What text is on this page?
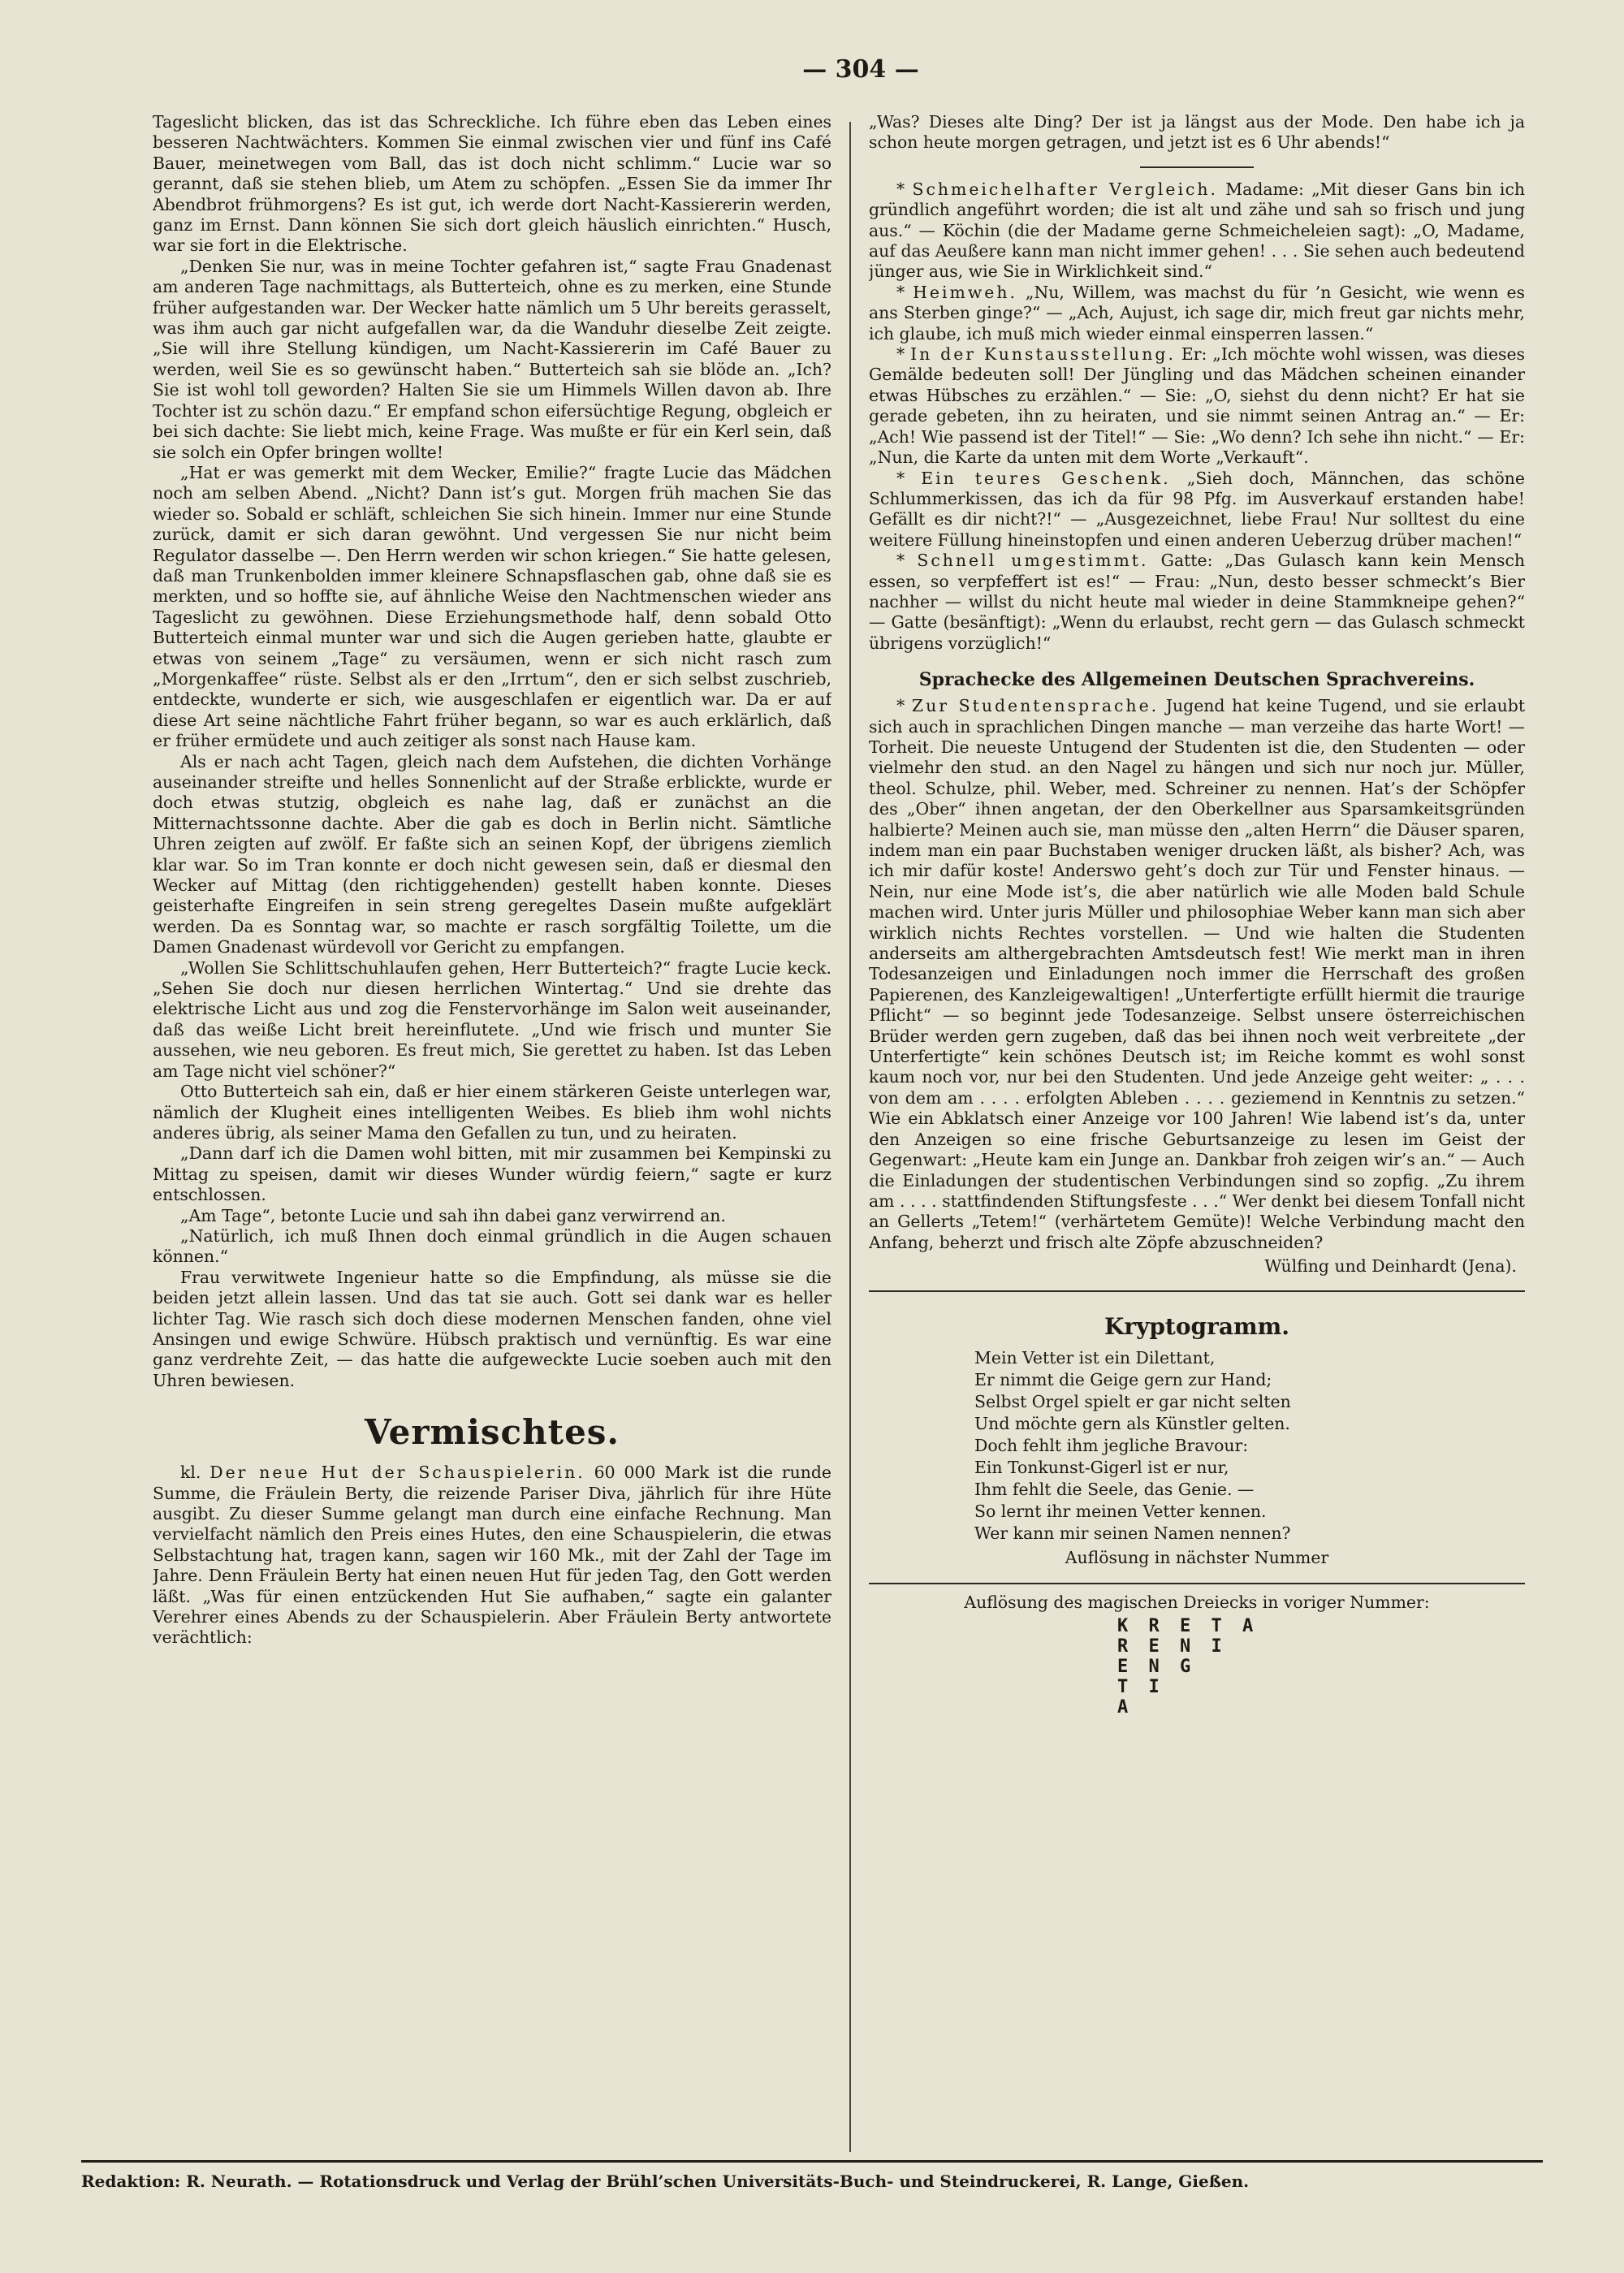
— 304 —

Tageslicht blicken, das ist das Schreckliche. Ich führe eben das Leben eines besseren Nachtwächters. Kommen Sie einmal zwischen vier und fünf ins Café Bauer, meinetwegen vom Ball, das ist doch nicht schlimm.“ Lucie war so gerannt, daß sie stehen blieb, um Atem zu schöpfen. „Essen Sie da immer Ihr Abendbrot frühmorgens? Es ist gut, ich werde dort Nacht-Kassiererin werden, ganz im Ernst. Dann können Sie sich dort gleich häuslich einrichten.“ Husch, war sie fort in die Elektrische.

„Denken Sie nur, was in meine Tochter gefahren ist,“ sagte Frau Gnadenast am anderen Tage nachmittags, als Butterteich, ohne es zu merken, eine Stunde früher aufgestanden war. Der Wecker hatte nämlich um 5 Uhr bereits gerasselt, was ihm auch gar nicht aufgefallen war, da die Wanduhr dieselbe Zeit zeigte. „Sie will ihre Stellung kündigen, um Nacht-Kassiererin im Café Bauer zu werden, weil Sie es so gewünscht haben.“ Butterteich sah sie blöde an. „Ich? Sie ist wohl toll geworden? Halten Sie sie um Himmels Willen davon ab. Ihre Tochter ist zu schön dazu.“ Er empfand schon eifersüchtige Regung, obgleich er bei sich dachte: Sie liebt mich, keine Frage. Was mußte er für ein Kerl sein, daß sie solch ein Opfer bringen wollte!

„Hat er was gemerkt mit dem Wecker, Emilie?“ fragte Lucie das Mädchen noch am selben Abend. „Nicht? Dann ist’s gut. Morgen früh machen Sie das wieder so. Sobald er schläft, schleichen Sie sich hinein. Immer nur eine Stunde zurück, damit er sich daran gewöhnt. Und vergessen Sie nur nicht beim Regulator dasselbe —. Den Herrn werden wir schon kriegen.“ Sie hatte gelesen, daß man Trunkenbolden immer kleinere Schnapsflaschen gab, ohne daß sie es merkten, und so hoffte sie, auf ähnliche Weise den Nachtmenschen wieder ans Tageslicht zu gewöhnen. Diese Erziehungsmethode half, denn sobald Otto Butterteich einmal munter war und sich die Augen gerieben hatte, glaubte er etwas von seinem „Tage“ zu versäumen, wenn er sich nicht rasch zum „Morgenkaffee“ rüste. Selbst als er den „Irrtum“, den er sich selbst zuschrieb, entdeckte, wunderte er sich, wie ausgeschlafen er eigentlich war. Da er auf diese Art seine nächtliche Fahrt früher begann, so war es auch erklärlich, daß er früher ermüdete und auch zeitiger als sonst nach Hause kam.

Als er nach acht Tagen, gleich nach dem Aufstehen, die dichten Vorhänge auseinander streifte und helles Sonnenlicht auf der Straße erblickte, wurde er doch etwas stutzig, obgleich es nahe lag, daß er zunächst an die Mitternachtssonne dachte. Aber die gab es doch in Berlin nicht. Sämtliche Uhren zeigten auf zwölf. Er faßte sich an seinen Kopf, der übrigens ziemlich klar war. So im Tran konnte er doch nicht gewesen sein, daß er diesmal den Wecker auf Mittag (den richtiggehenden) gestellt haben konnte. Dieses geisterhafte Eingreifen in sein streng geregeltes Dasein mußte aufgeklärt werden. Da es Sonntag war, so machte er rasch sorgfältig Toilette, um die Damen Gnadenast würdevoll vor Gericht zu empfangen.

„Wollen Sie Schlittschuhlaufen gehen, Herr Butterteich?“ fragte Lucie keck. „Sehen Sie doch nur diesen herrlichen Wintertag.“ Und sie drehte das elektrische Licht aus und zog die Fenstervorhänge im Salon weit auseinander, daß das weiße Licht breit hereinflutete. „Und wie frisch und munter Sie aussehen, wie neu geboren. Es freut mich, Sie gerettet zu haben. Ist das Leben am Tage nicht viel schöner?“

Otto Butterteich sah ein, daß er hier einem stärkeren Geiste unterlegen war, nämlich der Klugheit eines intelligenten Weibes. Es blieb ihm wohl nichts anderes übrig, als seiner Mama den Gefallen zu tun, und zu heiraten.

„Dann darf ich die Damen wohl bitten, mit mir zusammen bei Kempinski zu Mittag zu speisen, damit wir dieses Wunder würdig feiern,“ sagte er kurz entschlossen.

„Am Tage“, betonte Lucie und sah ihn dabei ganz verwirrend an.

„Natürlich, ich muß Ihnen doch einmal gründlich in die Augen schauen können.“

Frau verwitwete Ingenieur hatte so die Empfindung, als müsse sie die beiden jetzt allein lassen. Und das tat sie auch. Gott sei dank war es heller lichter Tag. Wie rasch sich doch diese modernen Menschen fanden, ohne viel Ansingen und ewige Schwüre. Hübsch praktisch und vernünftig. Es war eine ganz verdrehte Zeit, — das hatte die aufgeweckte Lucie soeben auch mit den Uhren bewiesen.

Vermischtes.

kl. Der neue Hut der Schauspielerin. 60 000 Mark ist die runde Summe, die Fräulein Berty, die reizende Pariser Diva, jährlich für ihre Hüte ausgibt. Zu dieser Summe gelangt man durch eine einfache Rechnung. Man vervielfacht nämlich den Preis eines Hutes, den eine Schauspielerin, die etwas Selbstachtung hat, tragen kann, sagen wir 160 Mk., mit der Zahl der Tage im Jahre. Denn Fräulein Berty hat einen neuen Hut für jeden Tag, den Gott werden läßt. „Was für einen entzückenden Hut Sie aufhaben,“ sagte ein galanter Verehrer eines Abends zu der Schauspielerin. Aber Fräulein Berty antwortete verächtlich:

„Was? Dieses alte Ding? Der ist ja längst aus der Mode. Den habe ich ja schon heute morgen getragen, und jetzt ist es 6 Uhr abends!“

* Schmeichelhafter Vergleich. Madame: „Mit dieser Gans bin ich gründlich angeführt worden; die ist alt und zähe und sah so frisch und jung aus.“ — Köchin (die der Madame gerne Schmeicheleien sagt): „O, Madame, auf das Aeußere kann man nicht immer gehen! . . . Sie sehen auch bedeutend jünger aus, wie Sie in Wirklichkeit sind.“

* Heimweh. „Nu, Willem, was machst du für ’n Gesicht, wie wenn es ans Sterben ginge?“ — „Ach, Aujust, ich sage dir, mich freut gar nichts mehr, ich glaube, ich muß mich wieder einmal einsperren lassen.“

* In der Kunstausstellung. Er: „Ich möchte wohl wissen, was dieses Gemälde bedeuten soll! Der Jüngling und das Mädchen scheinen einander etwas Hübsches zu erzählen.“ — Sie: „O, siehst du denn nicht? Er hat sie gerade gebeten, ihn zu heiraten, und sie nimmt seinen Antrag an.“ — Er: „Ach! Wie passend ist der Titel!“ — Sie: „Wo denn? Ich sehe ihn nicht.“ — Er: „Nun, die Karte da unten mit dem Worte „Verkauft“.

* Ein teures Geschenk. „Sieh doch, Männchen, das schöne Schlummerkissen, das ich da für 98 Pfg. im Ausverkauf erstanden habe! Gefällt es dir nicht?!“ — „Ausgezeichnet, liebe Frau! Nur solltest du eine weitere Füllung hineinstopfen und einen anderen Ueberzug drüber machen!“

* Schnell umgestimmt. Gatte: „Das Gulasch kann kein Mensch essen, so verpfeffert ist es!“ — Frau: „Nun, desto besser schmeckt’s Bier nachher — willst du nicht heute mal wieder in deine Stammkneipe gehen?“ — Gatte (besänftigt): „Wenn du erlaubst, recht gern — das Gulasch schmeckt übrigens vorzüglich!“

Sprachecke des Allgemeinen Deutschen Sprachvereins.

* Zur Studentensprache. Jugend hat keine Tugend, und sie erlaubt sich auch in sprachlichen Dingen manche — man verzeihe das harte Wort! — Torheit. Die neueste Untugend der Studenten ist die, den Studenten — oder vielmehr den stud. an den Nagel zu hängen und sich nur noch jur. Müller, theol. Schulze, phil. Weber, med. Schreiner zu nennen. Hat’s der Schöpfer des „Ober“ ihnen angetan, der den Oberkellner aus Sparsamkeitsgründen halbierte? Meinen auch sie, man müsse den „alten Herrn“ die Däuser sparen, indem man ein paar Buchstaben weniger drucken läßt, als bisher? Ach, was ich mir dafür koste! Anderswo geht’s doch zur Tür und Fenster hinaus. — Nein, nur eine Mode ist’s, die aber natürlich wie alle Moden bald Schule machen wird. Unter juris Müller und philosophiae Weber kann man sich aber wirklich nichts Rechtes vorstellen. — Und wie halten die Studenten anderseits am althergebrachten Amtsdeutsch fest! Wie merkt man in ihren Todesanzeigen und Einladungen noch immer die Herrschaft des großen Papierenen, des Kanzleigewaltigen! „Unterfertigte erfüllt hiermit die traurige Pflicht“ — so beginnt jede Todesanzeige. Selbst unsere österreichischen Brüder werden gern zugeben, daß das bei ihnen noch weit verbreitete „der Unterfertigte“ kein schönes Deutsch ist; im Reiche kommt es wohl sonst kaum noch vor, nur bei den Studenten. Und jede Anzeige geht weiter: „ . . . von dem am . . . . erfolgten Ableben . . . . geziemend in Kenntnis zu setzen.“ Wie ein Abklatsch einer Anzeige vor 100 Jahren! Wie labend ist’s da, unter den Anzeigen so eine frische Geburtsanzeige zu lesen im Geist der Gegenwart: „Heute kam ein Junge an. Dankbar froh zeigen wir’s an.“ — Auch die Einladungen der studentischen Verbindungen sind so zopfig. „Zu ihrem am . . . . stattfindenden Stiftungsfeste . . .“ Wer denkt bei diesem Tonfall nicht an Gellerts „Tetem!“ (verhärtetem Gemüte)! Welche Verbindung macht den Anfang, beherzt und frisch alte Zöpfe abzuschneiden?

Wülfing und Deinhardt (Jena).
Kryptogramm.
Mein Vetter ist ein Dilettant,
Er nimmt die Geige gern zur Hand;
Selbst Orgel spielt er gar nicht selten
Und möchte gern als Künstler gelten.
Doch fehlt ihm jegliche Bravour:
Ein Tonkunst-Gigerl ist er nur,
Ihm fehlt die Seele, das Genie. —
So lernt ihr meinen Vetter kennen.
Wer kann mir seinen Namen nennen?
Auflösung in nächster Nummer
Auflösung des magischen Dreiecks in voriger Nummer:
K R E T A
R E N I
E N G
T I
A
Redaktion: R. Neurath. — Rotationsdruck und Verlag der Brühl’schen Universitäts-Buch- und Steindruckerei, R. Lange, Gießen.
